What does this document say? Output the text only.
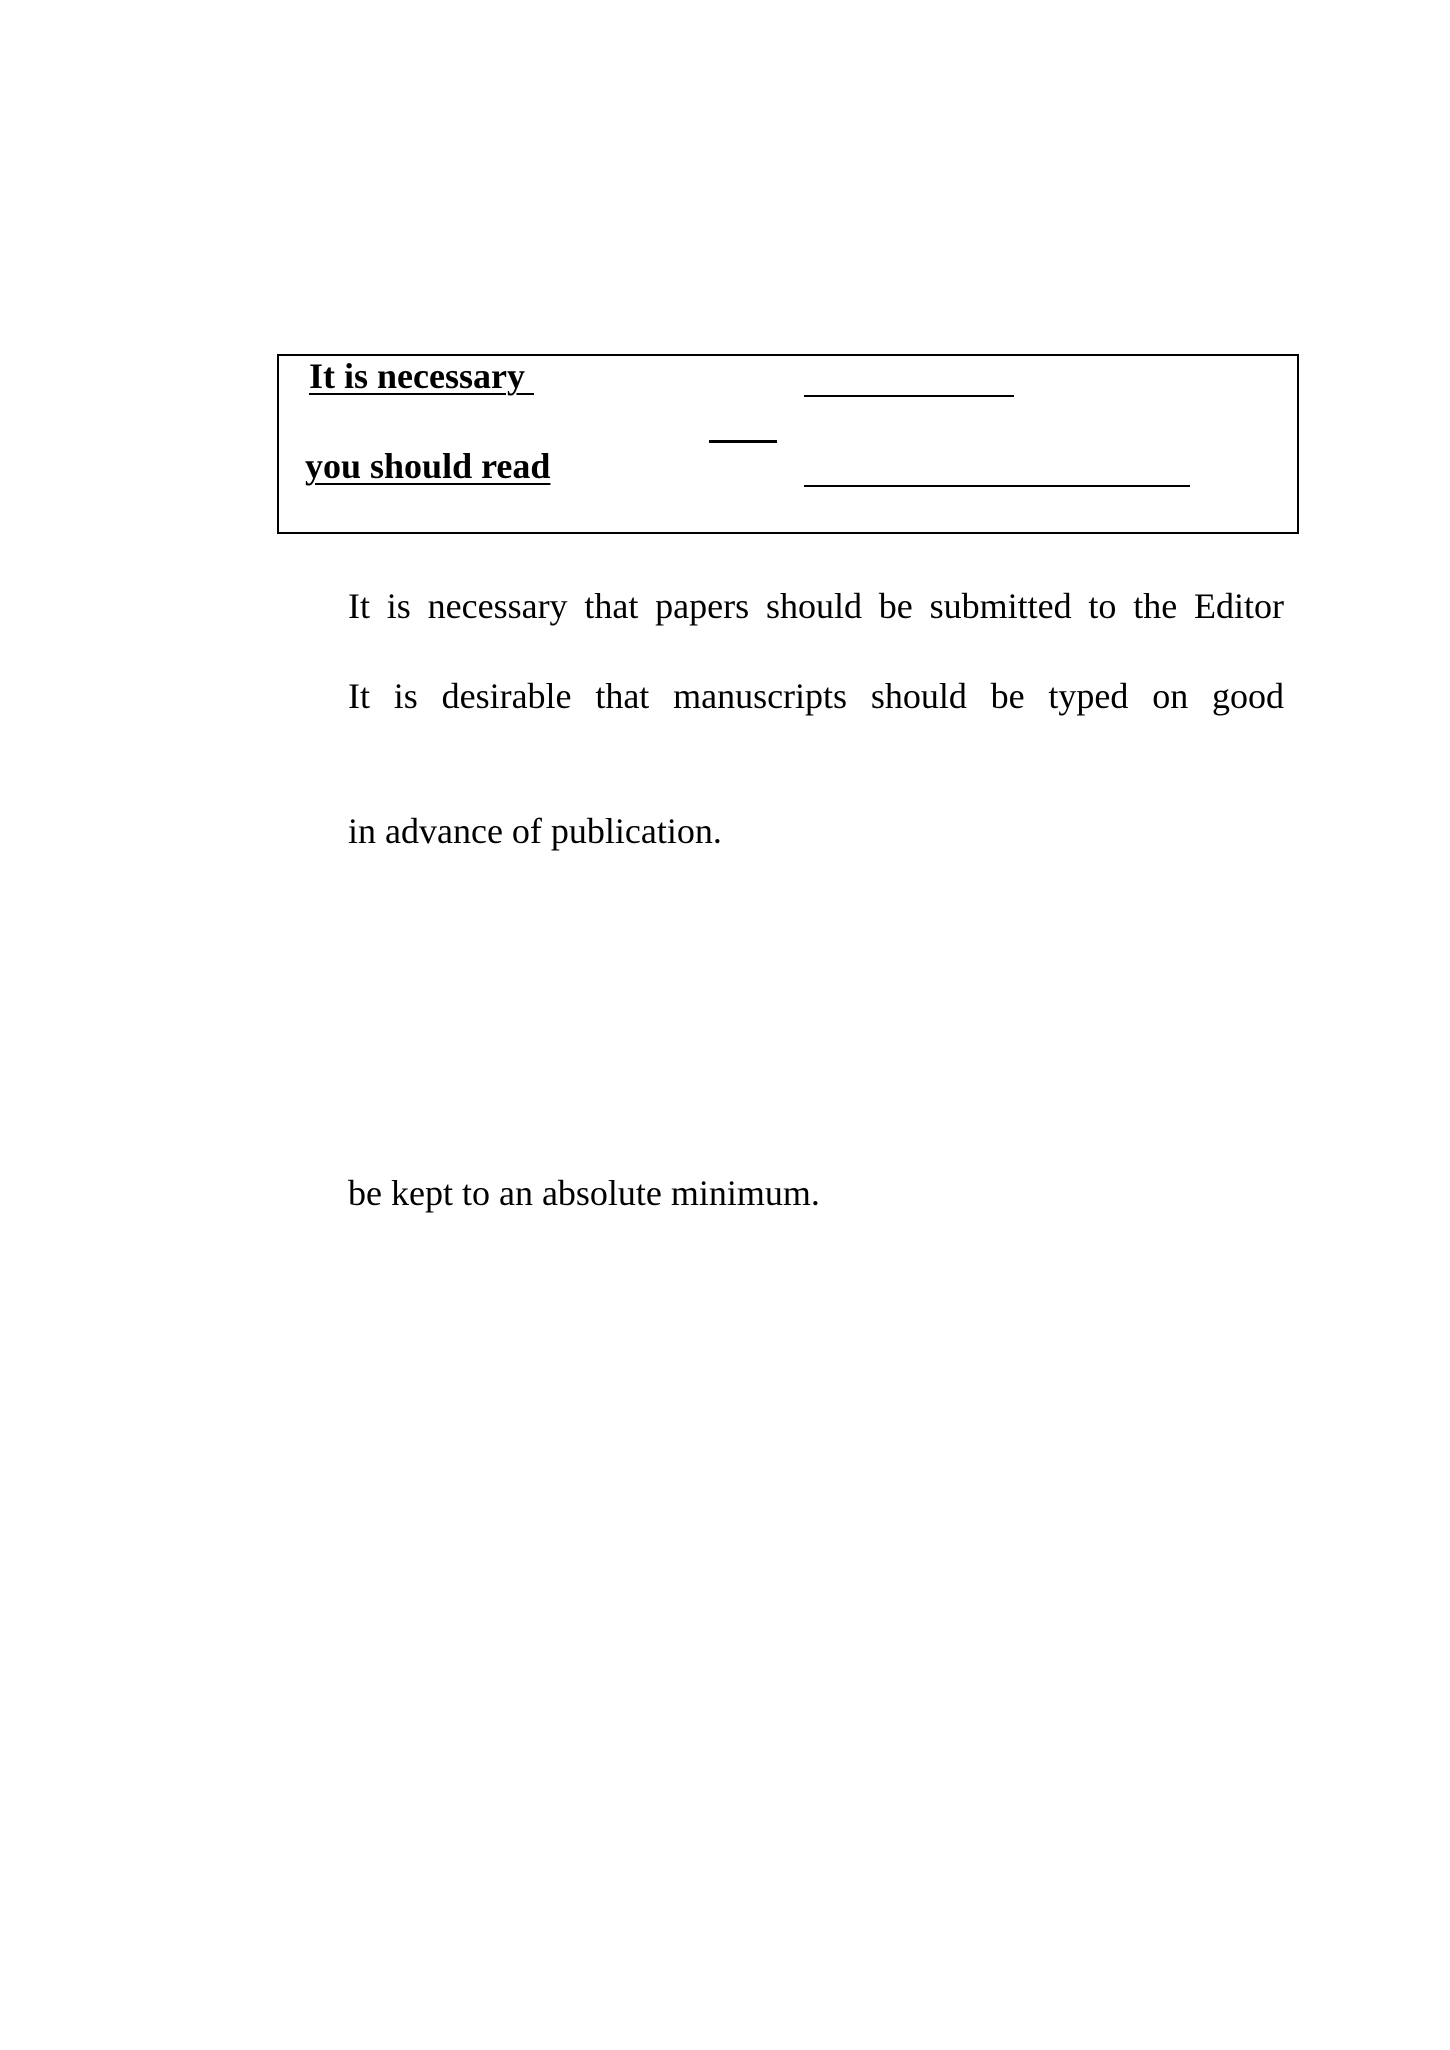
It is necessary
you should read
It is necessary that papers should be submitted to the Editor
It is desirable that manuscripts should be typed on good
in advance of publication.
be kept to an absolute minimum.
